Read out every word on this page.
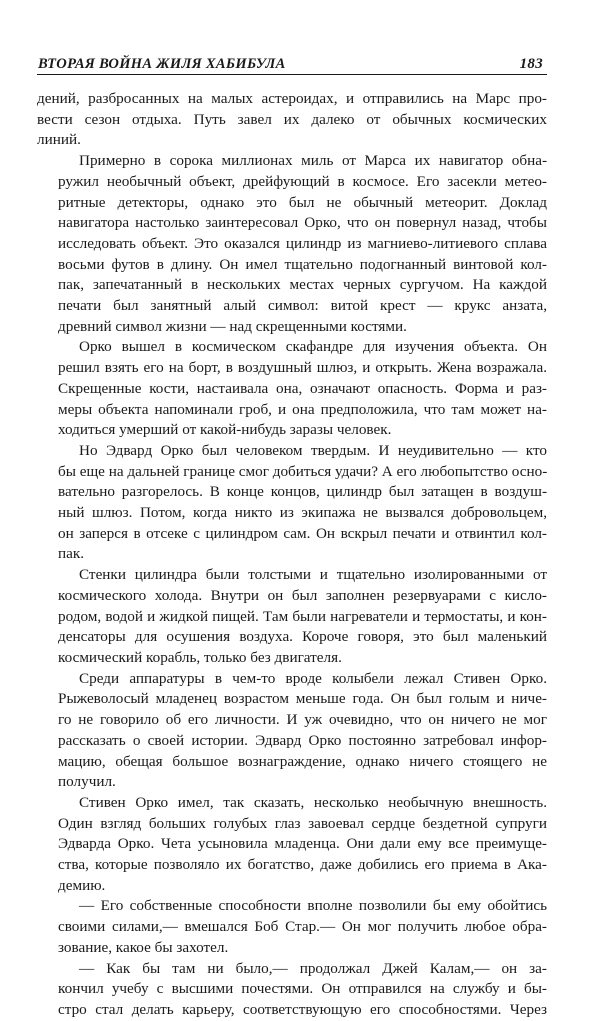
ВТОРАЯ ВОЙНА ЖИЛЯ ХАБИБУЛА	183
дений, разбросанных на малых астероидах, и отправились на Марс про-
вести сезон отдыха. Путь завел их далеко от обычных космических
линий.
Примерно в сорока миллионах миль от Марса их навигатор обна-
ружил необычный объект, дрейфующий в космосе. Его засекли метео-
ритные детекторы, однако это был не обычный метеорит. Доклад
навигатора настолько заинтересовал Орко, что он повернул назад, чтобы
исследовать объект. Это оказался цилиндр из магниево-литиевого сплава
восьми футов в длину. Он имел тщательно подогнанный винтовой кол-
пак, запечатанный в нескольких местах черных сургучом. На каждой
печати был занятный алый символ: витой крест — крукс анзата,
древний символ жизни — над скрещенными костями.
Орко вышел в космическом скафандре для изучения объекта. Он
решил взять его на борт, в воздушный шлюз, и открыть. Жена возражала.
Скрещенные кости, настаивала она, означают опасность. Форма и раз-
меры объекта напоминали гроб, и она предположила, что там может на-
ходиться умерший от какой-нибудь заразы человек.
Но Эдвард Орко был человеком твердым. И неудивительно — кто
бы еще на дальней границе смог добиться удачи? А его любопытство осно-
вательно разгорелось. В конце концов, цилиндр был затащен в воздуш-
ный шлюз. Потом, когда никто из экипажа не вызвался добровольцем,
он заперся в отсеке с цилиндром сам. Он вскрыл печати и отвинтил кол-
пак.
Стенки цилиндра были толстыми и тщательно изолированными от
космического холода. Внутри он был заполнен резервуарами с кисло-
родом, водой и жидкой пищей. Там были нагреватели и термостаты, и кон-
денсаторы для осушения воздуха. Короче говоря, это был маленький
космический корабль, только без двигателя.
Среди аппаратуры в чем-то вроде колыбели лежал Стивен Орко.
Рыжеволосый младенец возрастом меньше года. Он был голым и ниче-
го не говорило об его личности. И уж очевидно, что он ничего не мог
рассказать о своей истории. Эдвард Орко постоянно затребовал инфор-
мацию, обещая большое вознаграждение, однако ничего стоящего не
получил.
Стивен Орко имел, так сказать, несколько необычную внешность.
Один взгляд больших голубых глаз завоевал сердце бездетной супруги
Эдварда Орко. Чета усыновила младенца. Они дали ему все преимуще-
ства, которые позволяло их богатство, даже добились его приема в Ака-
демию.
— Его собственные способности вполне позволили бы ему обойтись
своими силами,— вмешался Боб Стар.— Он мог получить любое обра-
зование, какое бы захотел.
— Как бы там ни было,— продолжал Джей Калам,— он за-
кончил учебу с высшими почестями. Он отправился на службу и бы-
стро стал делать карьеру, соответствующую его способностями. Через
